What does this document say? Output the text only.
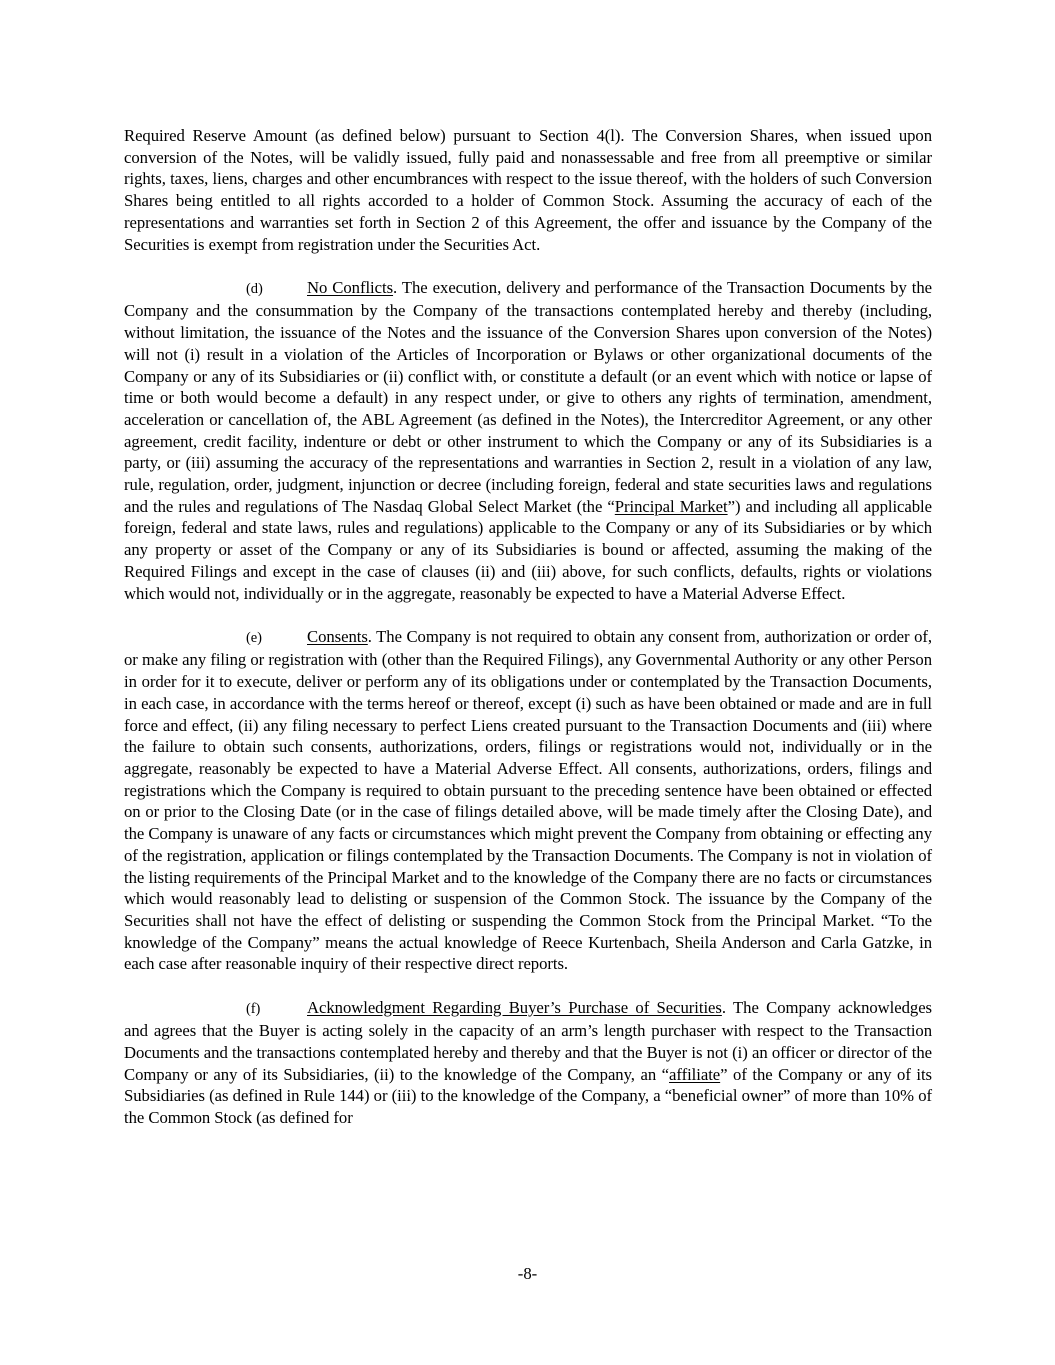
Required Reserve Amount (as defined below) pursuant to Section 4(l). The Conversion Shares, when issued upon conversion of the Notes, will be validly issued, fully paid and nonassessable and free from all preemptive or similar rights, taxes, liens, charges and other encumbrances with respect to the issue thereof, with the holders of such Conversion Shares being entitled to all rights accorded to a holder of Common Stock. Assuming the accuracy of each of the representations and warranties set forth in Section 2 of this Agreement, the offer and issuance by the Company of the Securities is exempt from registration under the Securities Act.

(d)	No Conflicts. The execution, delivery and performance of the Transaction Documents by the Company and the consummation by the Company of the transactions contemplated hereby and thereby (including, without limitation, the issuance of the Notes and the issuance of the Conversion Shares upon conversion of the Notes) will not (i) result in a violation of the Articles of Incorporation or Bylaws or other organizational documents of the Company or any of its Subsidiaries or (ii) conflict with, or constitute a default (or an event which with notice or lapse of time or both would become a default) in any respect under, or give to others any rights of termination, amendment, acceleration or cancellation of, the ABL Agreement (as defined in the Notes), the Intercreditor Agreement, or any other agreement, credit facility, indenture or debt or other instrument to which the Company or any of its Subsidiaries is a party, or (iii) assuming the accuracy of the representations and warranties in Section 2, result in a violation of any law, rule, regulation, order, judgment, injunction or decree (including foreign, federal and state securities laws and regulations and the rules and regulations of The Nasdaq Global Select Market (the “Principal Market”) and including all applicable foreign, federal and state laws, rules and regulations) applicable to the Company or any of its Subsidiaries or by which any property or asset of the Company or any of its Subsidiaries is bound or affected, assuming the making of the Required Filings and except in the case of clauses (ii) and (iii) above, for such conflicts, defaults, rights or violations which would not, individually or in the aggregate, reasonably be expected to have a Material Adverse Effect.

(e)	Consents. The Company is not required to obtain any consent from, authorization or order of, or make any filing or registration with (other than the Required Filings), any Governmental Authority or any other Person in order for it to execute, deliver or perform any of its obligations under or contemplated by the Transaction Documents, in each case, in accordance with the terms hereof or thereof, except (i) such as have been obtained or made and are in full force and effect, (ii) any filing necessary to perfect Liens created pursuant to the Transaction Documents and (iii) where the failure to obtain such consents, authorizations, orders, filings or registrations would not, individually or in the aggregate, reasonably be expected to have a Material Adverse Effect. All consents, authorizations, orders, filings and registrations which the Company is required to obtain pursuant to the preceding sentence have been obtained or effected on or prior to the Closing Date (or in the case of filings detailed above, will be made timely after the Closing Date), and the Company is unaware of any facts or circumstances which might prevent the Company from obtaining or effecting any of the registration, application or filings contemplated by the Transaction Documents. The Company is not in violation of the listing requirements of the Principal Market and to the knowledge of the Company there are no facts or circumstances which would reasonably lead to delisting or suspension of the Common Stock. The issuance by the Company of the Securities shall not have the effect of delisting or suspending the Common Stock from the Principal Market. “To the knowledge of the Company” means the actual knowledge of Reece Kurtenbach, Sheila Anderson and Carla Gatzke, in each case after reasonable inquiry of their respective direct reports.

(f)	Acknowledgment Regarding Buyer’s Purchase of Securities. The Company acknowledges and agrees that the Buyer is acting solely in the capacity of an arm’s length purchaser with respect to the Transaction Documents and the transactions contemplated hereby and thereby and that the Buyer is not (i) an officer or director of the Company or any of its Subsidiaries, (ii) to the knowledge of the Company, an “affiliate” of the Company or any of its Subsidiaries (as defined in Rule 144) or (iii) to the knowledge of the Company, a “beneficial owner” of more than 10% of the Common Stock (as defined for

-8-
